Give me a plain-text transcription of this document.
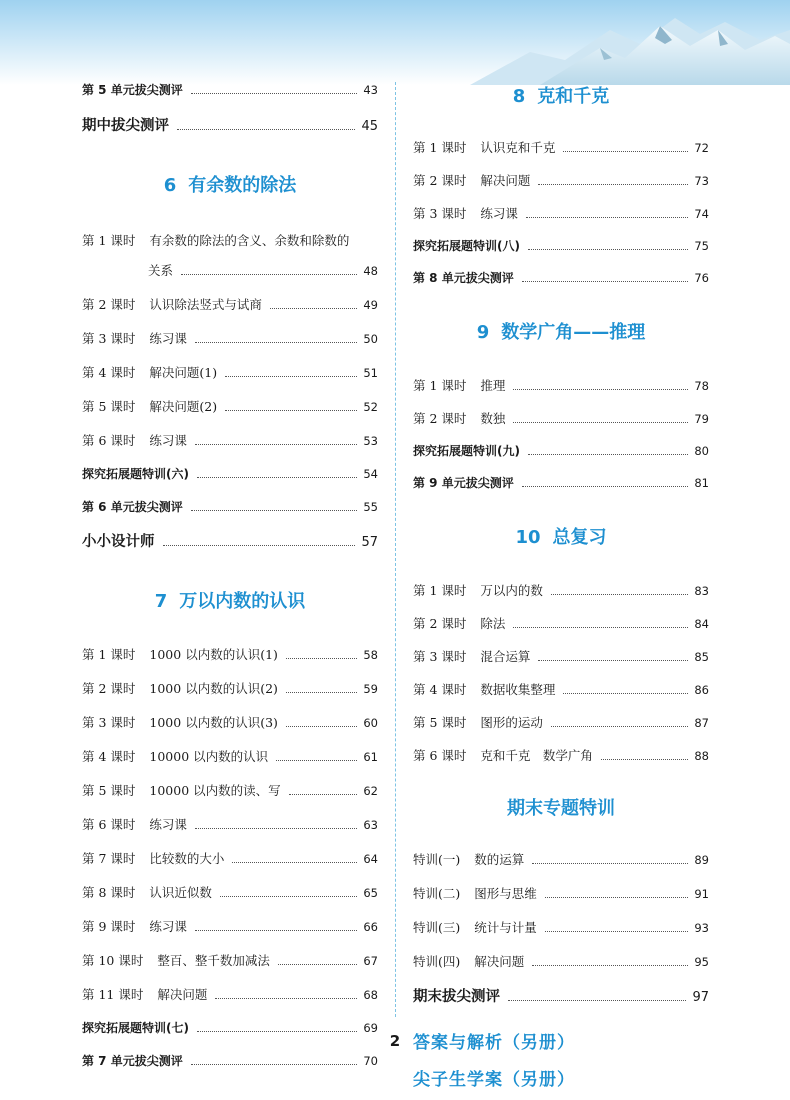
第 5 单元拔尖测评	43
期中拔尖测评	45
6 有余数的除法
第 1 课时 有余数的除法的含义、余数和除数的
关系	48
第 2 课时 认识除法竖式与试商	49
第 3 课时 练习课	50
第 4 课时 解决问题(1)	51
第 5 课时 解决问题(2)	52
第 6 课时 练习课	53
探究拓展题特训(六)	54
第 6 单元拔尖测评	55
小小设计师	57
7 万以内数的认识
第 1 课时 1000 以内数的认识(1)	58
第 2 课时 1000 以内数的认识(2)	59
第 3 课时 1000 以内数的认识(3)	60
第 4 课时 10000 以内数的认识	61
第 5 课时 10000 以内数的读、写	62
第 6 课时 练习课	63
第 7 课时 比较数的大小	64
第 8 课时 认识近似数	65
第 9 课时 练习课	66
第 10 课时 整百、整千数加减法	67
第 11 课时 解决问题	68
探究拓展题特训(七)	69
第 7 单元拔尖测评	70
8 克和千克
第 1 课时 认识克和千克	72
第 2 课时 解决问题	73
第 3 课时 练习课	74
探究拓展题特训(八)	75
第 8 单元拔尖测评	76
9 数学广角——推理
第 1 课时 推理	78
第 2 课时 数独	79
探究拓展题特训(九)	80
第 9 单元拔尖测评	81
10 总复习
第 1 课时 万以内的数	83
第 2 课时 除法	84
第 3 课时 混合运算	85
第 4 课时 数据收集整理	86
第 5 课时 图形的运动	87
第 6 课时 克和千克　数学广角	88
期末专题特训
特训(一) 数的运算	89
特训(二) 图形与思维	91
特训(三) 统计与计量	93
特训(四) 解决问题	95
期末拔尖测评	97
答案与解析（另册）
尖子生学案（另册）
2
